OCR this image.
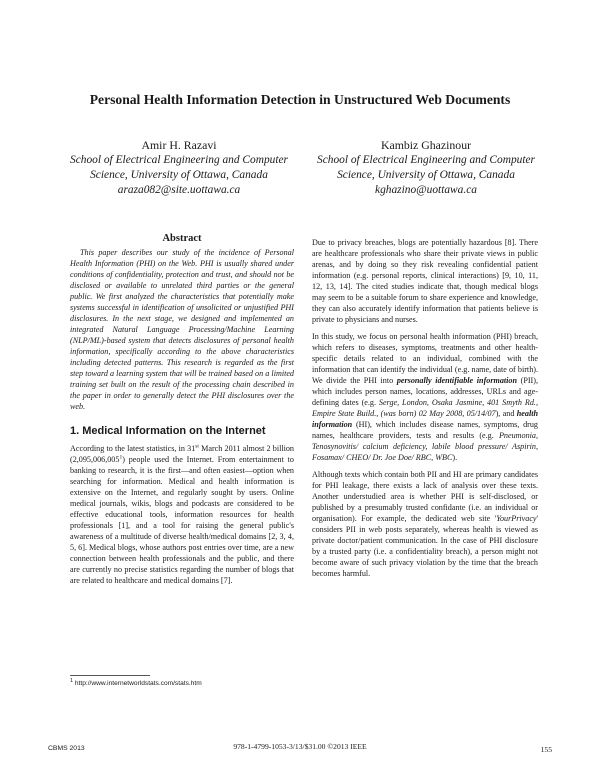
Personal Health Information Detection in Unstructured Web Documents
Amir H. Razavi
School of Electrical Engineering and Computer Science, University of Ottawa, Canada
araza082@site.uottawa.ca
Kambiz Ghazinour
School of Electrical Engineering and Computer Science, University of Ottawa, Canada
kghazino@uottawa.ca
Abstract

This paper describes our study of the incidence of Personal Health Information (PHI) on the Web. PHI is usually shared under conditions of confidentiality, protection and trust, and should not be disclosed or available to unrelated third parties or the general public. We first analyzed the characteristics that potentially make systems successful in identification of unsolicited or unjustified PHI disclosures. In the next stage, we designed and implemented an integrated Natural Language Processing/Machine Learning (NLP/ML)-based system that detects disclosures of personal health information, specifically according to the above characteristics including detected patterns. This research is regarded as the first step toward a learning system that will be trained based on a limited training set built on the result of the processing chain described in the paper in order to generally detect the PHI disclosures over the web.

1. Medical Information on the Internet

According to the latest statistics, in 31st March 2011 almost 2 billion (2,095,006,005$^1$) people used the Internet. From entertainment to banking to research, it is the first—and often easiest—option when searching for information. Medical and health information is extensive on the Internet, and regularly sought by users. Online medical journals, wikis, blogs and podcasts are considered to be effective educational tools, information resources for health professionals [1], and a tool for raising the general public's awareness of a multitude of diverse health/medical domains [2, 3, 4, 5, 6]. Medical blogs, whose authors post entries over time, are a new connection between health professionals and the public, and there are currently no precise statistics regarding the number of blogs that are related to healthcare and medical domains [7].

Due to privacy breaches, blogs are potentially hazardous [8]. There are healthcare professionals who share their private views in public arenas, and by doing so they risk revealing confidential patient information (e.g. personal reports, clinical interactions) [9, 10, 11, 12, 13, 14]. The cited studies indicate that, though medical blogs may seem to be a suitable forum to share experience and knowledge, they can also accurately identify information that patients believe is private to physicians and nurses.

In this study, we focus on personal health information (PHI) breach, which refers to diseases, symptoms, treatments and other health-specific details related to an individual, combined with the information that can identify the individual (e.g. name, date of birth). We divide the PHI into personally identifiable information (PII), which includes person names, locations, addresses, URLs and age-defining dates (e.g. Serge, London, Osaka Jasmine, 401 Smyth Rd., Empire State Build., (was born) 02 May 2008, 05/14/07), and health information (HI), which includes disease names, symptoms, drug names, healthcare providers, tests and results (e.g. Pneumonia, Tenosynovitis/ calcium deficiency, labile blood pressure/ Aspirin, Fosamax/ CHEO/ Dr. Joe Doe/ RBC, WBC).

Although texts which contain both PII and HI are primary candidates for PHI leakage, there exists a lack of analysis over these texts. Another understudied area is whether PHI is self-disclosed, or published by a presumably trusted confidante (i.e. an individual or organisation). For example, the dedicated web site 'YourPrivacy' considers PII in web posts separately, whereas health is viewed as private doctor/patient communication. In the case of PHI disclosure by a trusted party (i.e. a confidentiality breach), a person might not become aware of such privacy violation by the time that the breach becomes harmful.

$^1$ http://www.internetworldstats.com/stats.htm
CBMS 2013	978-1-4799-1053-3/13/$31.00 ©2013 IEEE	155
